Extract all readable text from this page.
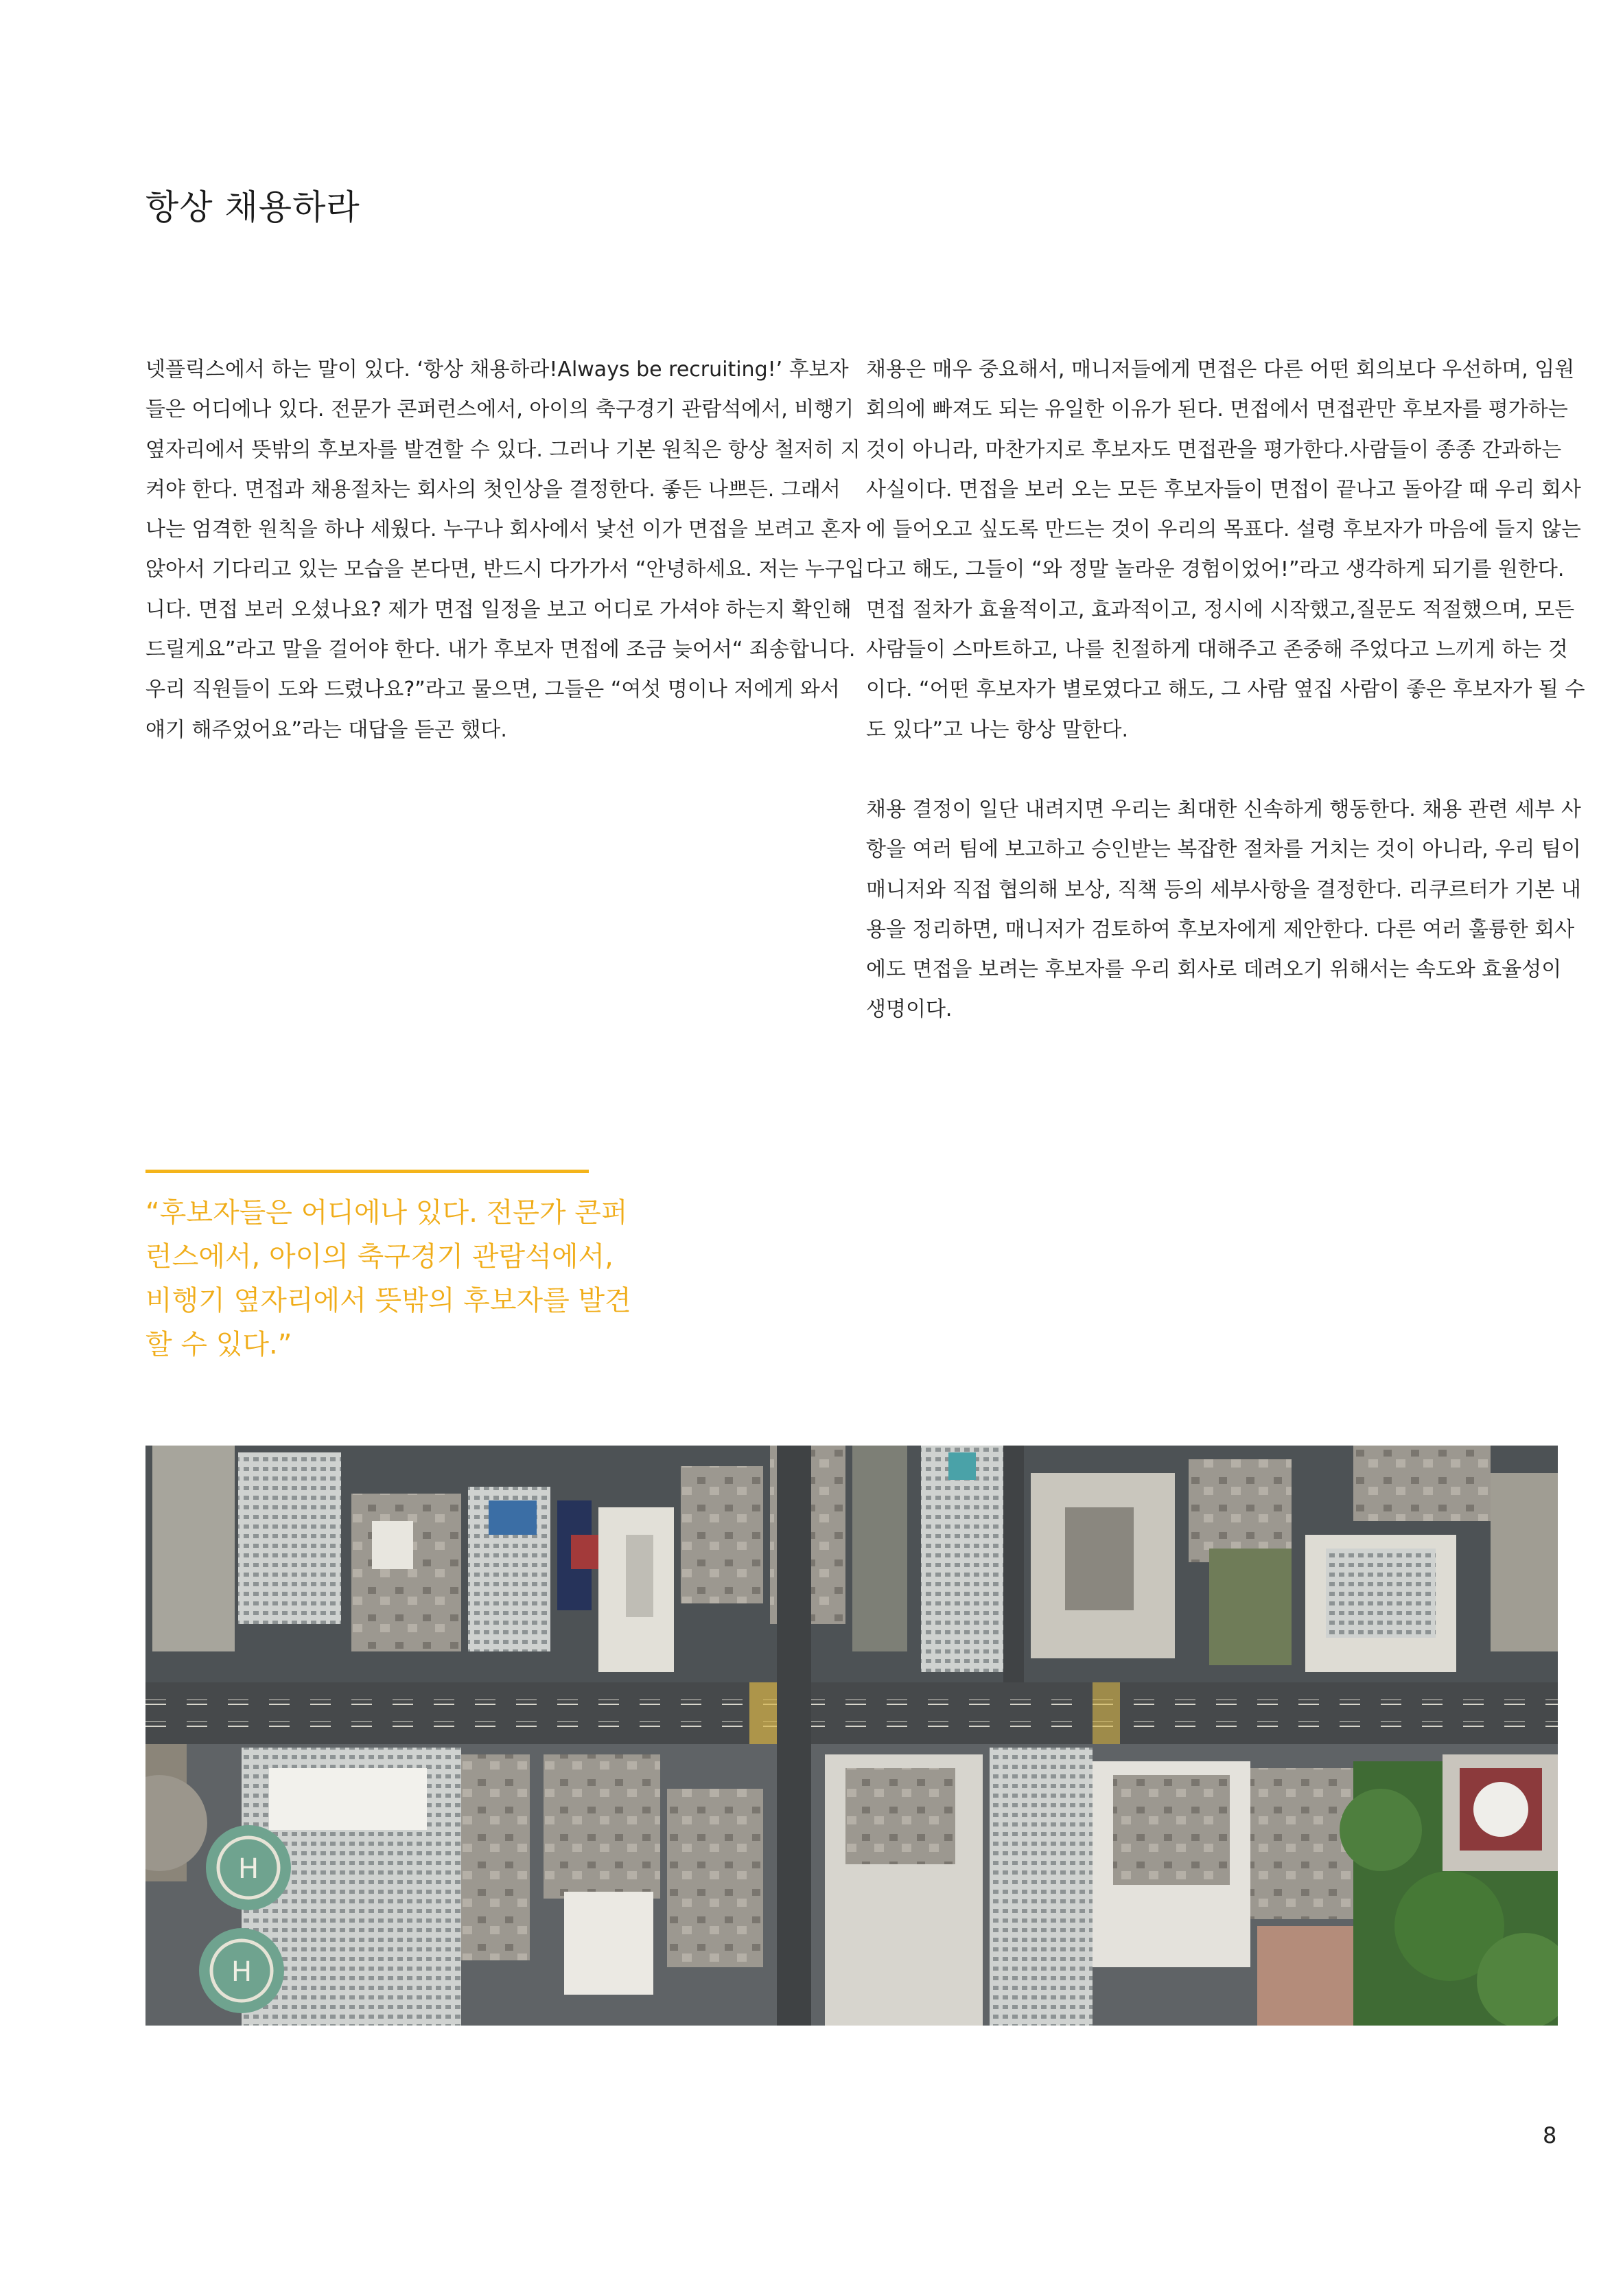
항상 채용하라

넷플릭스에서 하는 말이 있다. ‘항상 채용하라!Always be recruiting!’ 후보자들은 어디에나 있다. 전문가 콘퍼런스에서, 아이의 축구경기 관람석에서, 비행기 옆자리에서 뜻밖의 후보자를 발견할 수 있다. 그러나 기본 원칙은 항상 철저히 지켜야 한다. 면접과 채용절차는 회사의 첫인상을 결정한다. 좋든 나쁘든. 그래서 나는 엄격한 원칙을 하나 세웠다. 누구나 회사에서 낯선 이가 면접을 보려고 혼자 앉아서 기다리고 있는 모습을 본다면, 반드시 다가가서 “안녕하세요. 저는 누구입니다. 면접 보러 오셨나요? 제가 면접 일정을 보고 어디로 가셔야 하는지 확인해 드릴게요”라고 말을 걸어야 한다. 내가 후보자 면접에 조금 늦어서“ 죄송합니다. 우리 직원들이 도와 드렸나요?”라고 물으면, 그들은 “여섯 명이나 저에게 와서 얘기 해주었어요”라는 대답을 듣곤 했다.

채용은 매우 중요해서, 매니저들에게 면접은 다른 어떤 회의보다 우선하며, 임원 회의에 빠져도 되는 유일한 이유가 된다. 면접에서 면접관만 후보자를 평가하는 것이 아니라, 마찬가지로 후보자도 면접관을 평가한다.사람들이 종종 간과하는 사실이다. 면접을 보러 오는 모든 후보자들이 면접이 끝나고 돌아갈 때 우리 회사에 들어오고 싶도록 만드는 것이 우리의 목표다. 설령 후보자가 마음에 들지 않는다고 해도, 그들이 “와 정말 놀라운 경험이었어!”라고 생각하게 되기를 원한다. 면접 절차가 효율적이고, 효과적이고, 정시에 시작했고,질문도 적절했으며, 모든 사람들이 스마트하고, 나를 친절하게 대해주고 존중해 주었다고 느끼게 하는 것이다. “어떤 후보자가 별로였다고 해도, 그 사람 옆집 사람이 좋은 후보자가 될 수도 있다”고 나는 항상 말한다.

채용 결정이 일단 내려지면 우리는 최대한 신속하게 행동한다. 채용 관련 세부 사항을 여러 팀에 보고하고 승인받는 복잡한 절차를 거치는 것이 아니라, 우리 팀이 매니저와 직접 협의해 보상, 직책 등의 세부사항을 결정한다. 리쿠르터가 기본 내용을 정리하면, 매니저가 검토하여 후보자에게 제안한다. 다른 여러 훌륭한 회사에도 면접을 보려는 후보자를 우리 회사로 데려오기 위해서는 속도와 효율성이 생명이다.

“후보자들은 어디에나 있다. 전문가 콘퍼런스에서, 아이의 축구경기 관람석에서, 비행기 옆자리에서 뜻밖의 후보자를 발견할 수 있다.”

H
H
8
